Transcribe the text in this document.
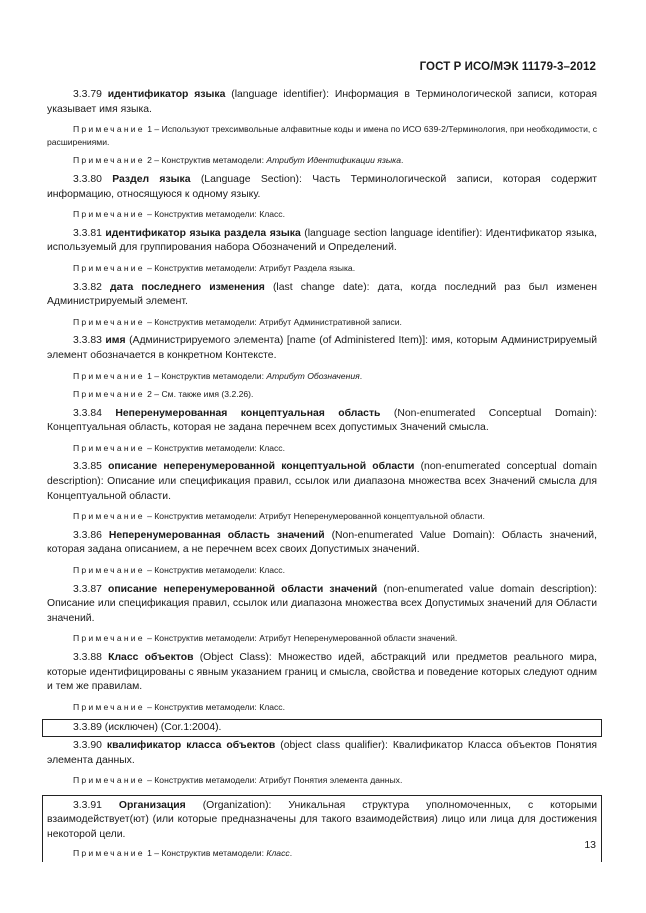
ГОСТ Р ИСО/МЭК 11179-3–2012

3.3.79 идентификатор языка (language identifier): Информация в Терминологической записи, которая указывает имя языка.

Примечание 1 – Используют трехсимвольные алфавитные коды и имена по ИСО 639-2/Терминология, при необходимости, с расширениями.

Примечание 2 – Конструктив метамодели: Атрибут Идентификации языка.

3.3.80 Раздел языка (Language Section): Часть Терминологической записи, которая содержит информацию, относящуюся к одному языку.

Примечание – Конструктив метамодели: Класс.

3.3.81 идентификатор языка раздела языка (language section language identifier): Идентификатор языка, используемый для группирования набора Обозначений и Определений.

Примечание – Конструктив метамодели: Атрибут Раздела языка.

3.3.82 дата последнего изменения (last change date): дата, когда последний раз был изменен Администрируемый элемент.

Примечание – Конструктив метамодели: Атрибут Административной записи.

3.3.83 имя (Администрируемого элемента) [name (of Administered Item)]: имя, которым Администрируемый элемент обозначается в конкретном Контексте.

Примечание 1 – Конструктив метамодели: Атрибут Обозначения.

Примечание 2 – См. также имя (3.2.26).

3.3.84 Неперенумерованная концептуальная область (Non-enumerated Conceptual Domain): Концептуальная область, которая не задана перечнем всех допустимых Значений смысла.

Примечание – Конструктив метамодели: Класс.

3.3.85 описание неперенумерованной концептуальной области (non-enumerated conceptual domain description): Описание или спецификация правил, ссылок или диапазона множества всех Значений смысла для Концептуальной области.

Примечание – Конструктив метамодели: Атрибут Неперенумерованной концептуальной области.

3.3.86 Неперенумерованная область значений (Non-enumerated Value Domain): Область значений, которая задана описанием, а не перечнем всех своих Допустимых значений.

Примечание – Конструктив метамодели: Класс.

3.3.87 описание неперенумерованной области значений (non-enumerated value domain description): Описание или спецификация правил, ссылок или диапазона множества всех Допустимых значений для Области значений.

Примечание – Конструктив метамодели: Атрибут Неперенумерованной области значений.

3.3.88 Класс объектов (Object Class): Множество идей, абстракций или предметов реального мира, которые идентифицированы с явным указанием границ и смысла, свойства и поведение которых следуют одним и тем же правилам.

Примечание – Конструктив метамодели: Класс.

3.3.89 (исключен) (Cor.1:2004).

3.3.90 квалификатор класса объектов (object class qualifier): Квалификатор Класса объектов Понятия элемента данных.

Примечание – Конструктив метамодели: Атрибут Понятия элемента данных.

3.3.91 Организация (Organization): Уникальная структура уполномоченных, с которыми взаимодействует(ют) (или которые предназначены для такого взаимодействия) лицо или лица для достижения некоторой цели.

Примечание 1 – Конструктив метамодели: Класс.

13
